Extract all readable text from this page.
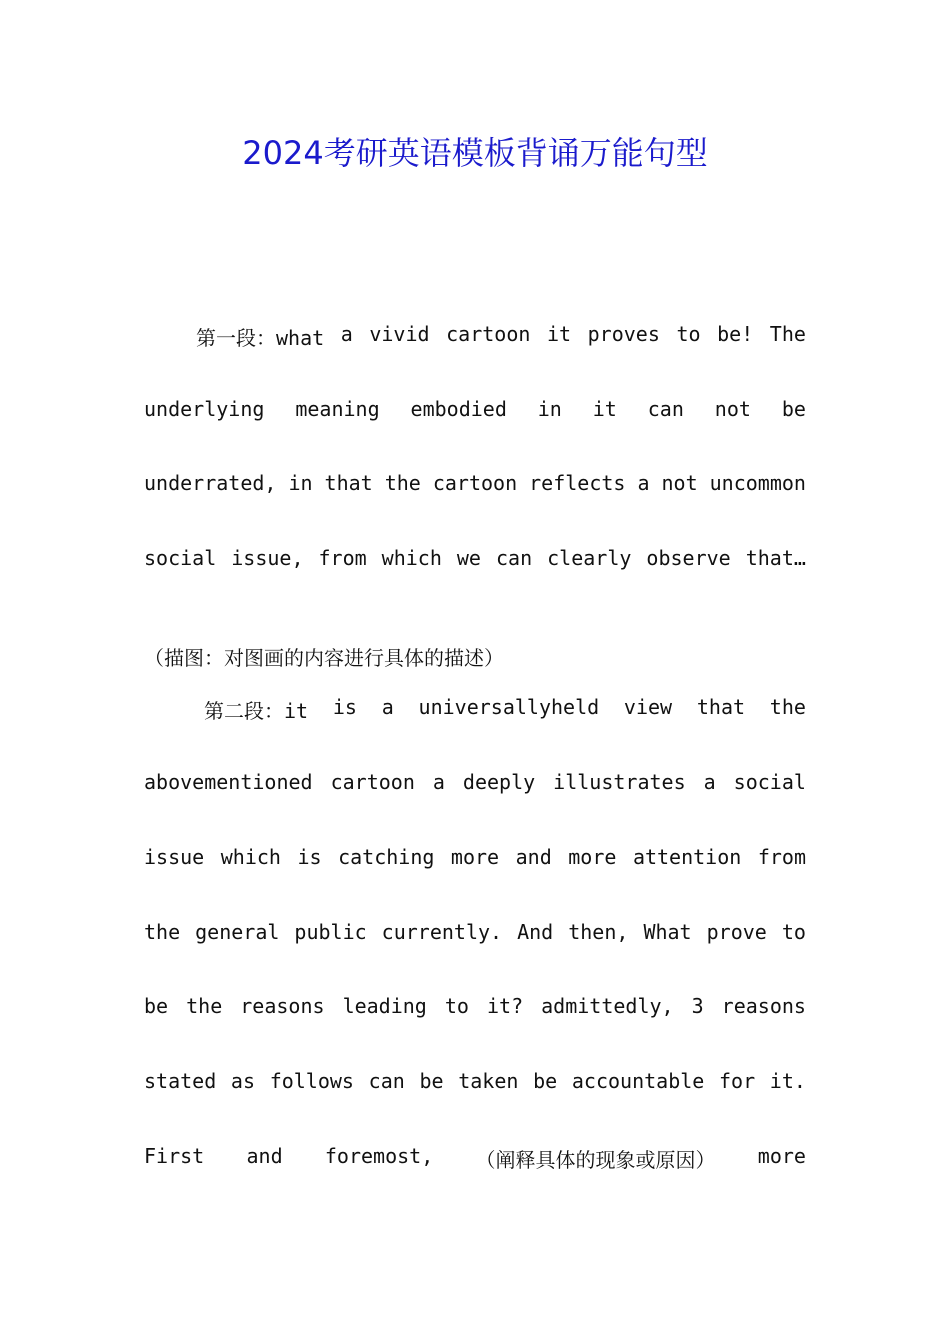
2024考研英语模板背诵万能句型
第一段：what a vivid cartoon it proves to be! The
underlying meaning embodied in it can not be
underrated, in that the cartoon reflects a not uncommon
social issue, from which we can clearly observe that…
（描图：对图画的内容进行具体的描述）
第二段：it is a universallyheld view that the
abovementioned cartoon a deeply illustrates a social
issue which is catching more and more attention from
the general public currently. And then, What prove to
be the reasons leading to it? admittedly, 3 reasons
stated as follows can be taken be accountable for it.
First and foremost, （阐释具体的现象或原因） more
